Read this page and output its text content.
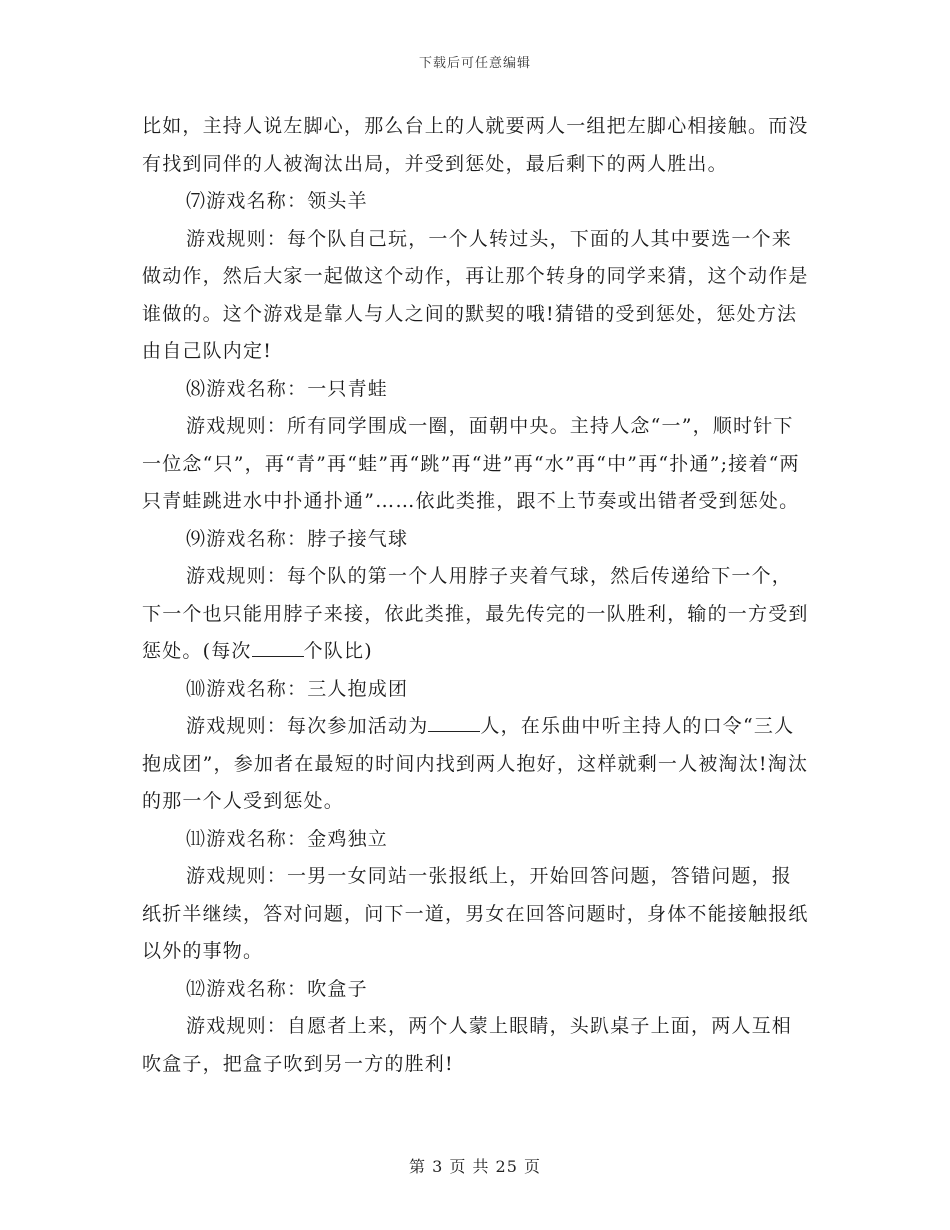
下载后可任意编辑

比如，主持人说左脚心，那么台上的人就要两人一组把左脚心相接触。而没有找到同伴的人被淘汰出局，并受到惩处，最后剩下的两人胜出。

⑺游戏名称：领头羊

游戏规则：每个队自己玩，一个人转过头，下面的人其中要选一个来做动作，然后大家一起做这个动作，再让那个转身的同学来猜，这个动作是谁做的。这个游戏是靠人与人之间的默契的哦!猜错的受到惩处，惩处方法由自己队内定!

⑻游戏名称：一只青蛙

游戏规则：所有同学围成一圈，面朝中央。主持人念“一”，顺时针下一位念“只”，再“青”再“蛙”再“跳”再“进”再“水”再“中”再“扑通”;接着“两只青蛙跳进水中扑通扑通”……依此类推，跟不上节奏或出错者受到惩处。

⑼游戏名称：脖子接气球

游戏规则：每个队的第一个人用脖子夹着气球，然后传递给下一个，下一个也只能用脖子来接，依此类推，最先传完的一队胜利，输的一方受到惩处。(每次	个队比)

⑽游戏名称：三人抱成团

游戏规则：每次参加活动为	人，在乐曲中听主持人的口令“三人抱成团”，参加者在最短的时间内找到两人抱好，这样就剩一人被淘汰!淘汰的那一个人受到惩处。

⑾游戏名称：金鸡独立

游戏规则：一男一女同站一张报纸上，开始回答问题，答错问题，报纸折半继续，答对问题，问下一道，男女在回答问题时，身体不能接触报纸以外的事物。

⑿游戏名称：吹盒子

游戏规则：自愿者上来，两个人蒙上眼睛，头趴桌子上面，两人互相吹盒子，把盒子吹到另一方的胜利!

第 3 页 共 25 页
